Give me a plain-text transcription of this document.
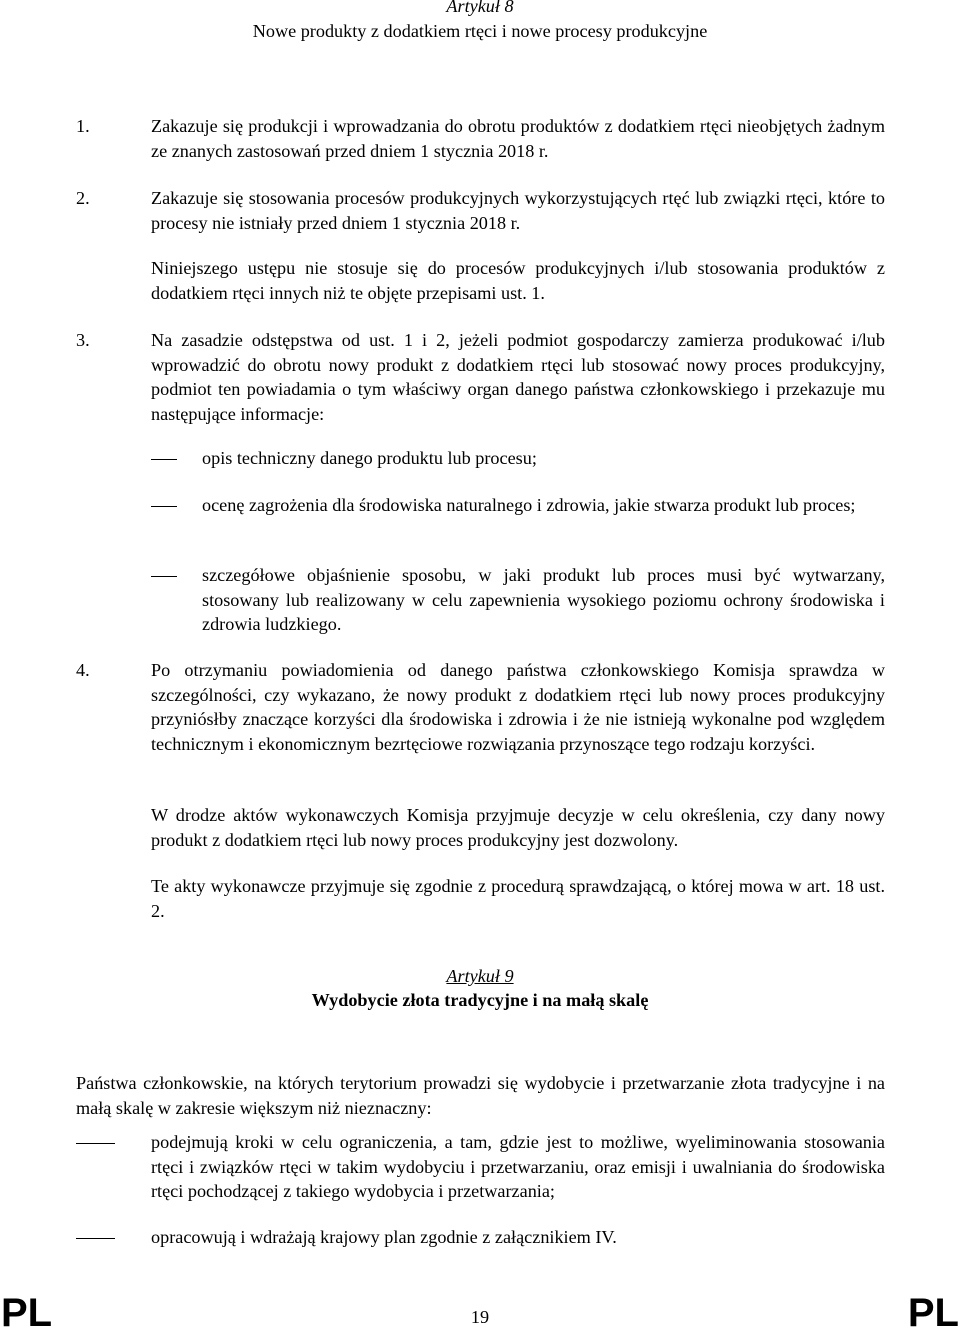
Artykuł 8
Nowe produkty z dodatkiem rtęci i nowe procesy produkcyjne
1.	Zakazuje się produkcji i wprowadzania do obrotu produktów z dodatkiem rtęci nieobjętych żadnym ze znanych zastosowań przed dniem 1 stycznia 2018 r.
2.	Zakazuje się stosowania procesów produkcyjnych wykorzystujących rtęć lub związki rtęci, które to procesy nie istniały przed dniem 1 stycznia 2018 r.
Niniejszego ustępu nie stosuje się do procesów produkcyjnych i/lub stosowania produktów z dodatkiem rtęci innych niż te objęte przepisami ust. 1.
3.	Na zasadzie odstępstwa od ust. 1 i 2, jeżeli podmiot gospodarczy zamierza produkować i/lub wprowadzić do obrotu nowy produkt z dodatkiem rtęci lub stosować nowy proces produkcyjny, podmiot ten powiadamia o tym właściwy organ danego państwa członkowskiego i przekazuje mu następujące informacje:
opis techniczny danego produktu lub procesu;
ocenę zagrożenia dla środowiska naturalnego i zdrowia, jakie stwarza produkt lub proces;
szczegółowe objaśnienie sposobu, w jaki produkt lub proces musi być wytwarzany, stosowany lub realizowany w celu zapewnienia wysokiego poziomu ochrony środowiska i zdrowia ludzkiego.
4.	Po otrzymaniu powiadomienia od danego państwa członkowskiego Komisja sprawdza w szczególności, czy wykazano, że nowy produkt z dodatkiem rtęci lub nowy proces produkcyjny przyniósłby znaczące korzyści dla środowiska i zdrowia i że nie istnieją wykonalne pod względem technicznym i ekonomicznym bezrtęciowe rozwiązania przynoszące tego rodzaju korzyści.
W drodze aktów wykonawczych Komisja przyjmuje decyzje w celu określenia, czy dany nowy produkt z dodatkiem rtęci lub nowy proces produkcyjny jest dozwolony.
Te akty wykonawcze przyjmuje się zgodnie z procedurą sprawdzającą, o której mowa w art. 18 ust. 2.
Artykuł 9
Wydobycie złota tradycyjne i na małą skalę
Państwa członkowskie, na których terytorium prowadzi się wydobycie i przetwarzanie złota tradycyjne i na małą skalę w zakresie większym niż nieznaczny:
podejmują kroki w celu ograniczenia, a tam, gdzie jest to możliwe, wyeliminowania stosowania rtęci i związków rtęci w takim wydobyciu i przetwarzaniu, oraz emisji i uwalniania do środowiska rtęci pochodzącej z takiego wydobycia i przetwarzania;
opracowują i wdrażają krajowy plan zgodnie z załącznikiem IV.
PL	19	PL
